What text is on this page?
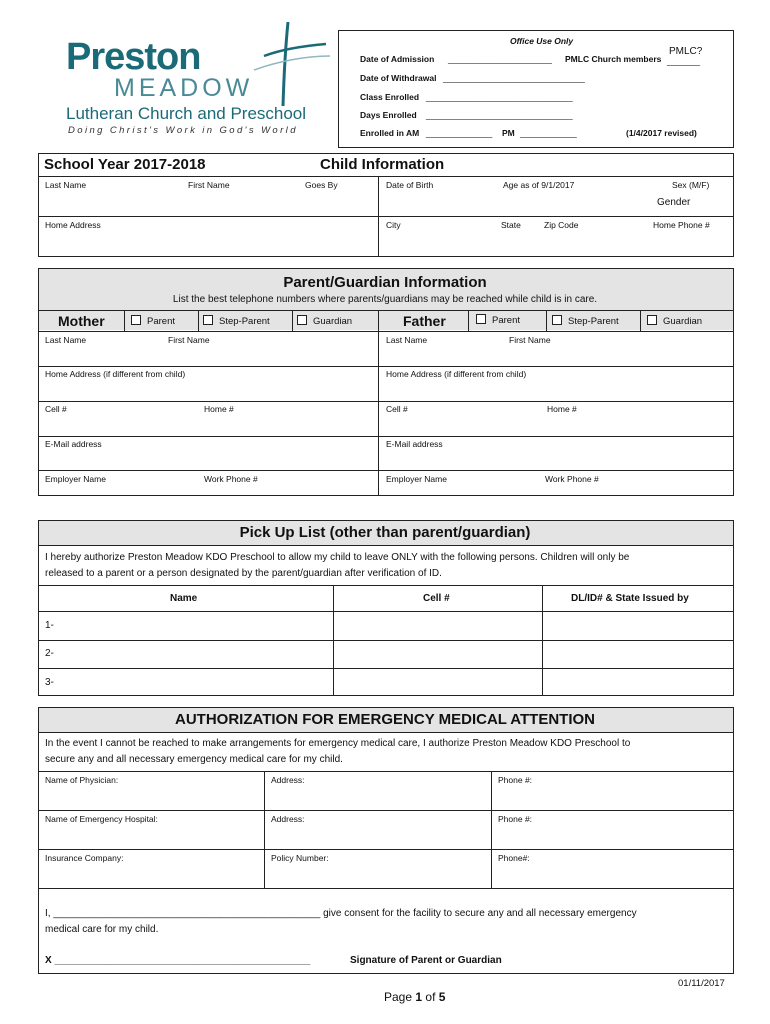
Preston
MEADOW
Lutheran Church and Preschool
Doing Christ's Work in God's World
Office Use Only
Date of Admission ______________________ PMLC Church members
PMLC?
_______
Date of Withdrawal ______________________________
Class Enrolled _______________________________
Days Enrolled _______________________________
Enrolled in AM ______________ PM ____________	(1/4/2017 revised)
School Year 2017-2018	Child Information
Last Name	First Name	Goes By	Date of Birth	Age as of 9/1/2017	Sex (M/F)
Gender
Home Address	City	State	Zip Code	Home Phone #
Parent/Guardian Information
List the best telephone numbers where parents/guardians may be reached while child is in care.
Mother	Parent	Step-Parent	Guardian	Father	Parent	Step-Parent	Guardian
Last Name	First Name	Last Name	First Name
Home Address (if different from child)	Home Address (if different from child)
Cell #	Home #	Cell #	Home #
E-Mail address	E-Mail address
Employer Name	Work Phone #	Employer Name	Work Phone #
Pick Up List (other than parent/guardian)
I hereby authorize Preston Meadow KDO Preschool to allow my child to leave ONLY with the following persons. Children will only be
released to a parent or a person designated by the parent/guardian after verification of ID.
Name	Cell #	DL/ID# & State Issued by
1-
2-
3-
AUTHORIZATION FOR EMERGENCY MEDICAL ATTENTION
In the event I cannot be reached to make arrangements for emergency medical care, I authorize Preston Meadow KDO Preschool to
secure any and all necessary emergency medical care for my child.
Name of Physician:	Address:	Phone #:
Name of Emergency Hospital:	Address:	Phone #:
Insurance Company:	Policy Number:	Phone#:
I, ________________________________________________ give consent for the facility to secure any and all necessary emergency
medical care for my child.
X ______________________________________________	Signature of Parent or Guardian
01/11/2017
Page 1 of 5
